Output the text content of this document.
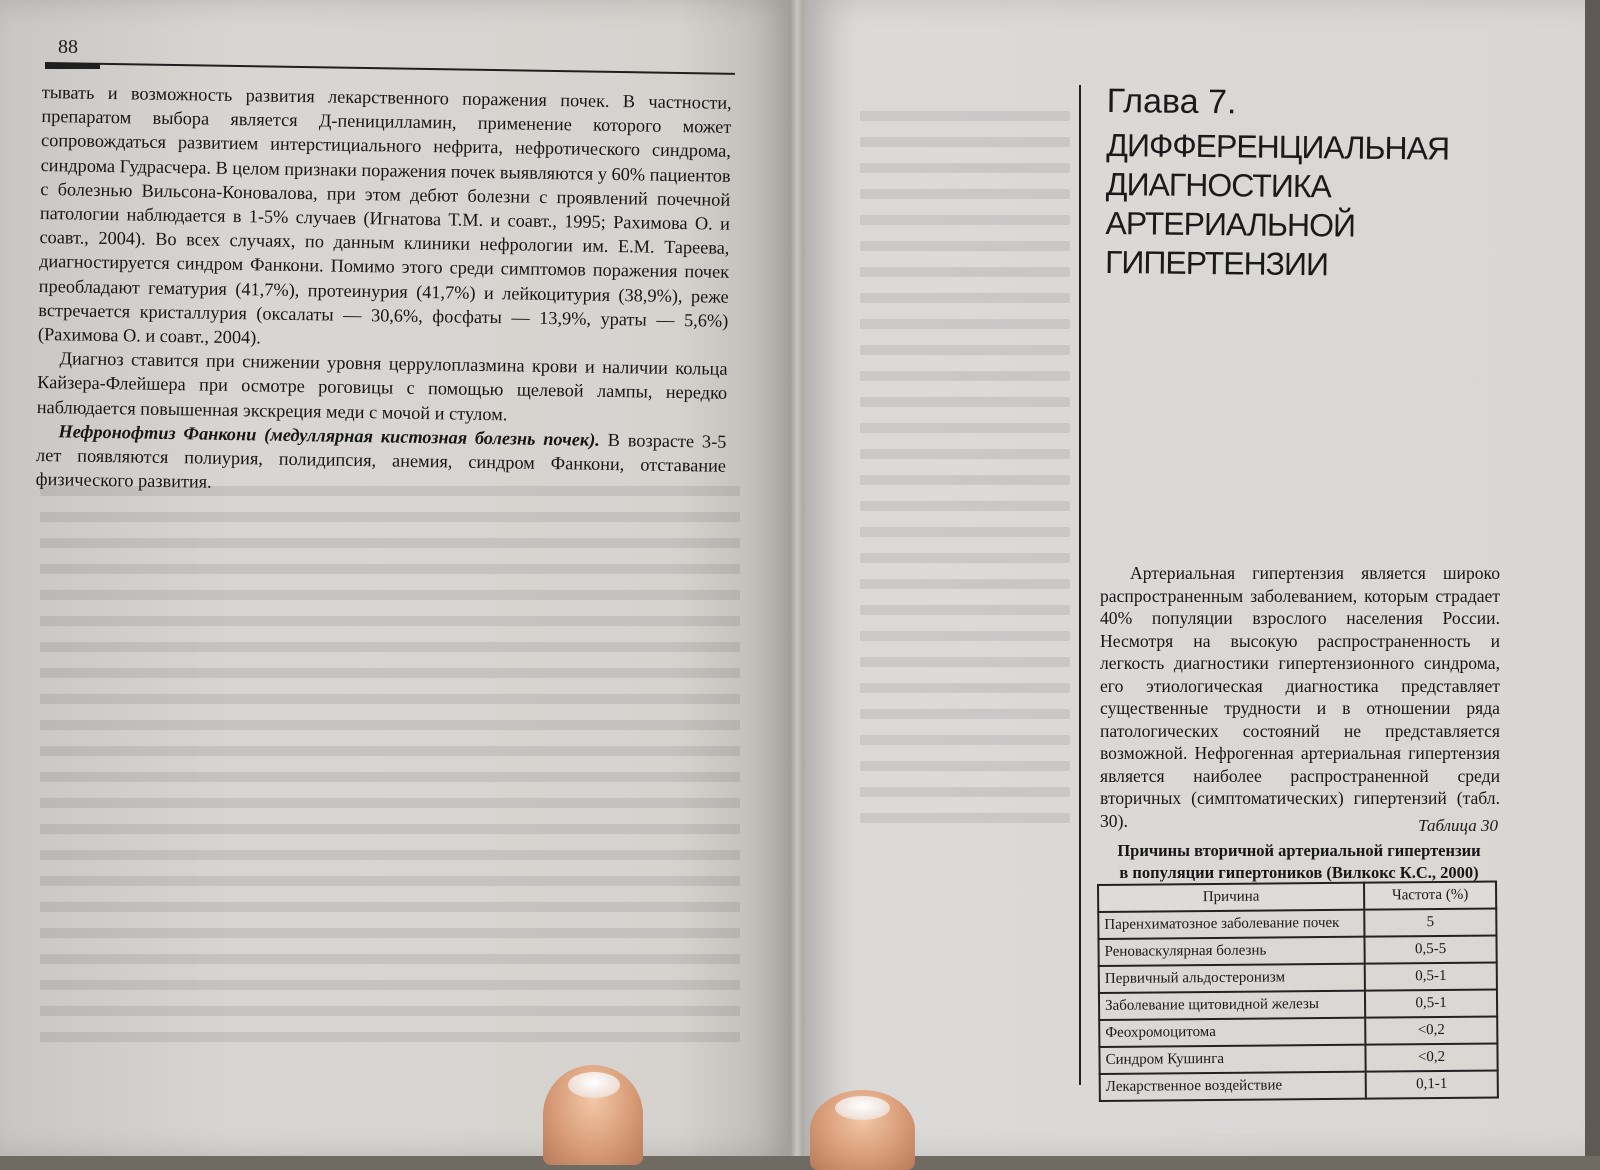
88

тывать и возможность развития лекарственного поражения почек. В частности, препаратом выбора является Д-пеницилламин, применение которого может сопровождаться развитием интерстициального нефрита, нефротического синдрома, синдрома Гудрасчера. В целом признаки поражения почек выявляются у 60% пациентов с болезнью Вильсона-Коновалова, при этом дебют болезни с проявлений почечной патологии наблюдается в 1-5% случаев (Игнатова Т.М. и соавт., 1995; Рахимова О. и соавт., 2004). Во всех случаях, по данным клиники нефрологии им. Е.М. Тареева, диагностируется синдром Фанкони. Помимо этого среди симптомов поражения почек преобладают гематурия (41,7%), протеинурия (41,7%) и лейкоцитурия (38,9%), реже встречается кристаллурия (оксалаты — 30,6%, фосфаты — 13,9%, ураты — 5,6%) (Рахимова О. и соавт., 2004).

Диагноз ставится при снижении уровня церрулоплазмина крови и наличии кольца Кайзера-Флейшера при осмотре роговицы с помощью щелевой лампы, нередко наблюдается повышенная экскреция меди с мочой и стулом.

Нефронофтиз Фанкони (медуллярная кистозная болезнь почек). В возрасте 3-5 лет появляются полиурия, полидипсия, анемия, синдром Фанкони, отставание физического развития.

Глава 7.
ДИФФЕРЕНЦИАЛЬНАЯ
ДИАГНОСТИКА
АРТЕРИАЛЬНОЙ
ГИПЕРТЕНЗИИ

Артериальная гипертензия является широко распространенным заболеванием, которым страдает 40% популяции взрослого населения России. Несмотря на высокую распространенность и легкость диагностики гипертензионного синдрома, его этиологическая диагностика представляет существенные трудности и в отношении ряда патологических состояний не представляется возможной. Нефрогенная артериальная гипертензия является наиболее распространенной среди вторичных (симптоматических) гипертензий (табл. 30).	Таблица 30
Причины вторичной артериальной гипертензии
в популяции гипертоников (Вилкокс К.С., 2000)
Причина	Частота (%)
Паренхиматозное заболевание почек	5
Реноваскулярная болезнь	0,5-5
Первичный альдостеронизм	0,5-1
Заболевание щитовидной железы	0,5-1
Феохромоцитома	<0,2
Синдром Кушинга	<0,2
Лекарственное воздействие	0,1-1
